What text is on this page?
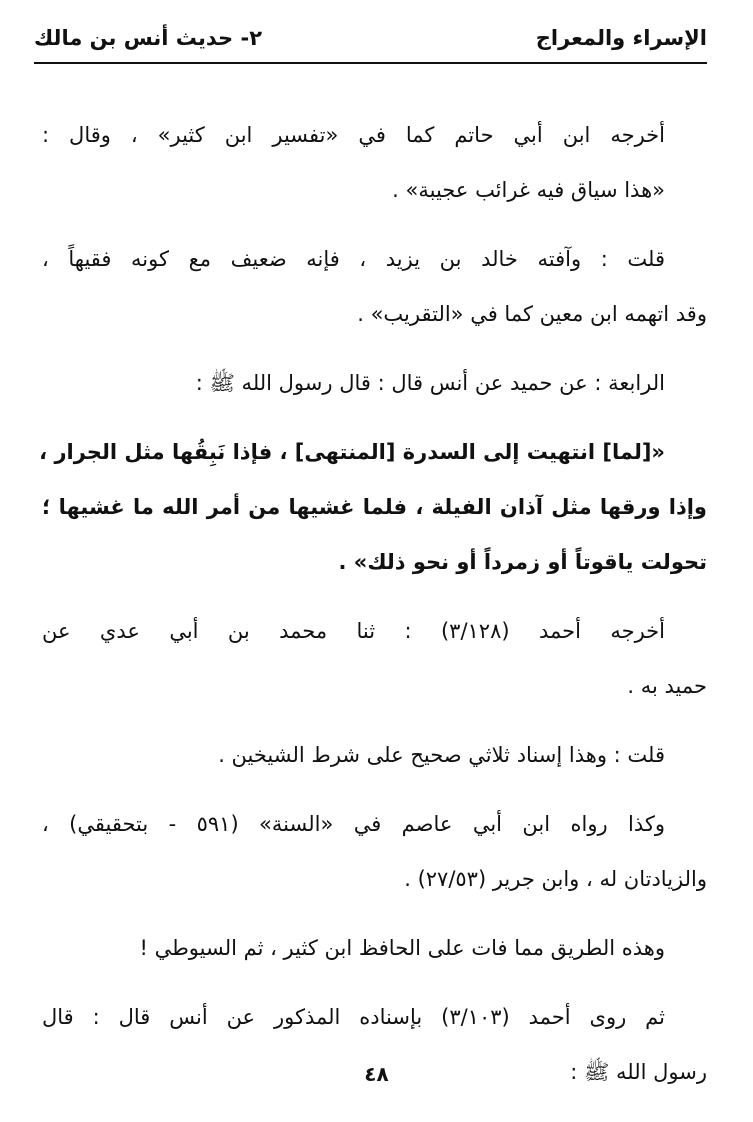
الإسراء والمعراج
٢- حديث أنس بن مالك
أخرجه ابن أبي حاتم كما في «تفسير ابن كثير» ، وقال :
«هذا سياق فيه غرائب عجيبة» .
قلت : وآفته خالد بن يزيد ، فإنه ضعيف مع كونه فقيهاً ،
وقد اتهمه ابن معين كما في «التقريب» .
الرابعة : عن حميد عن أنس قال : قال رسول الله ﷺ :
«[لما] انتهيت إلى السدرة [المنتهى] ، فإذا نَبِقُها مثل الجرار ،
وإذا ورقها مثل آذان الفيلة ، فلما غشيها من أمر الله ما غشيها ؛
تحولت ياقوتاً أو زمرداً أو نحو ذلك» .
أخرجه أحمد (٣/١٢٨) : ثنا محمد بن أبي عدي عن
حميد به .
قلت : وهذا إسناد ثلاثي صحيح على شرط الشيخين .
وكذا رواه ابن أبي عاصم في «السنة» (٥٩١ - بتحقيقي) ،
والزيادتان له ، وابن جرير (٢٧/٥٣) .
وهذه الطريق مما فات على الحافظ ابن كثير ، ثم السيوطي !
ثم روى أحمد (٣/١٠٣) بإسناده المذكور عن أنس قال : قال
رسول الله ﷺ :
٤٨
